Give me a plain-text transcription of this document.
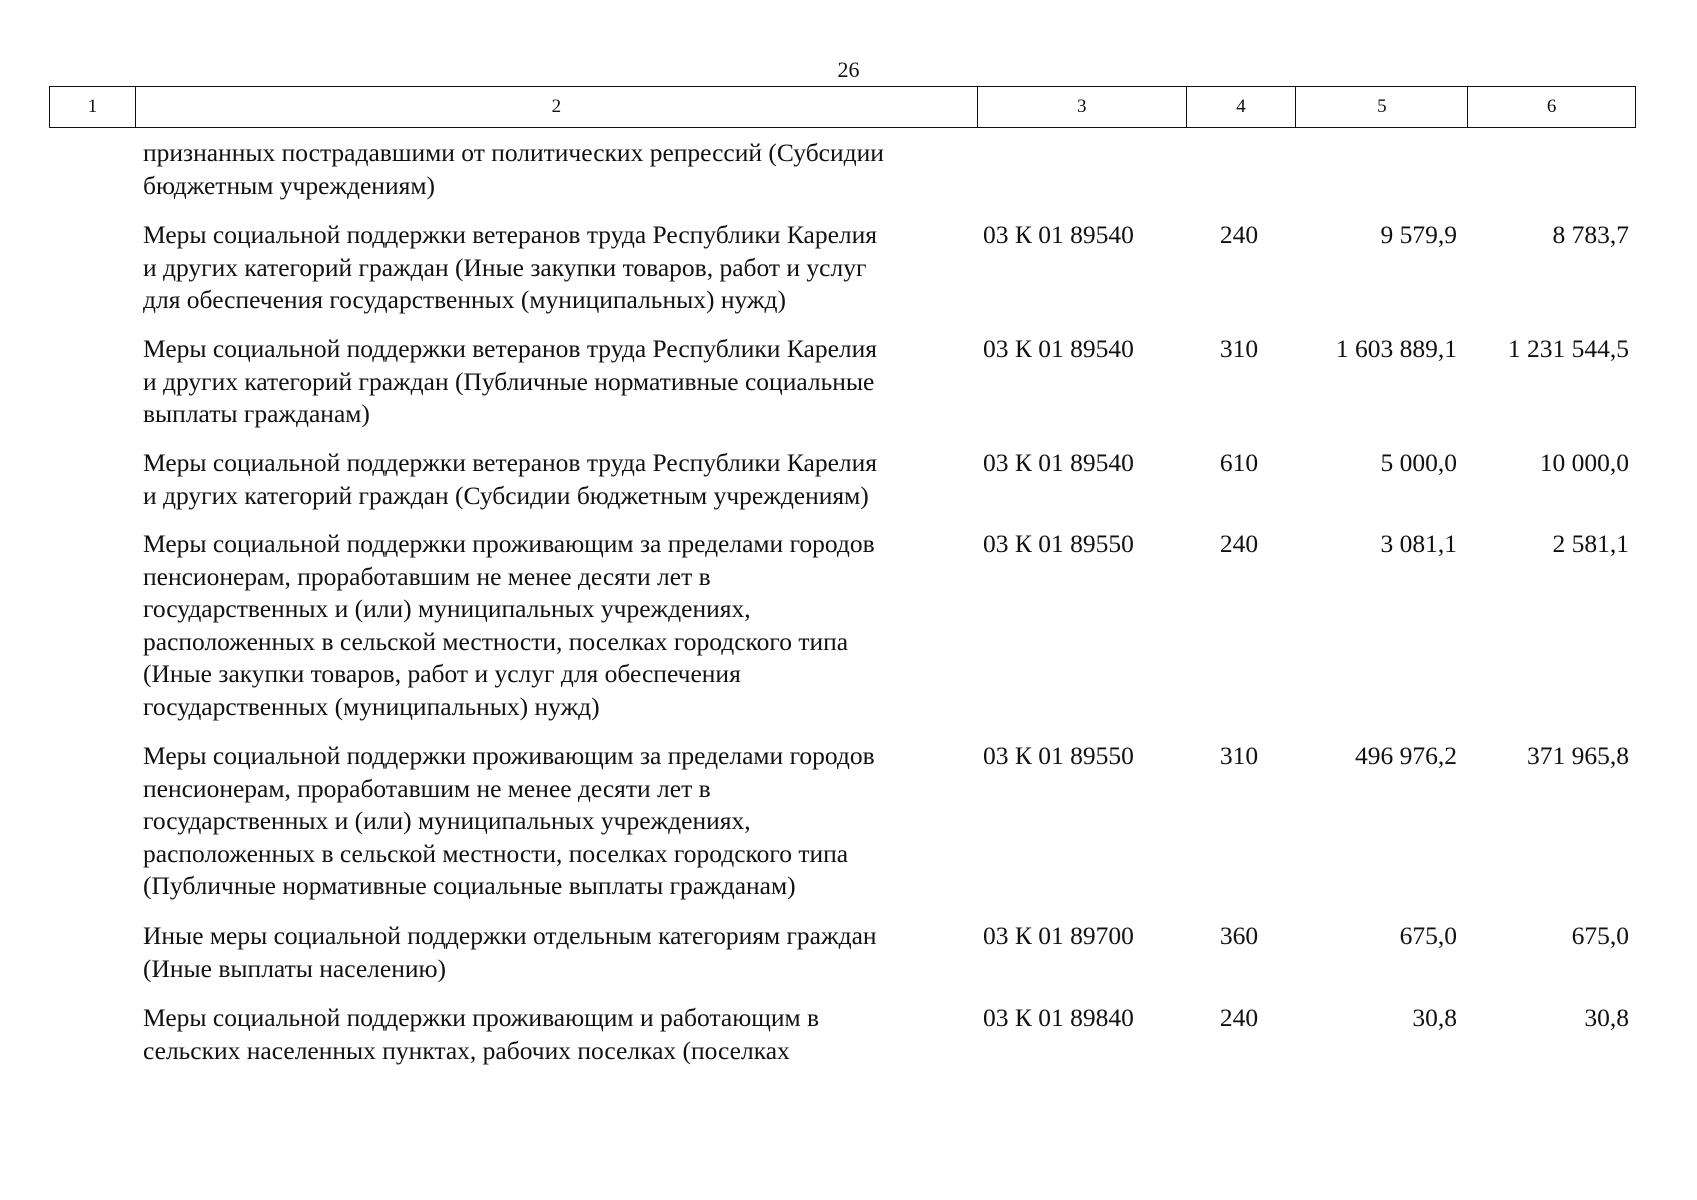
26
1	2	3	4	5	6
признанных пострадавшими от политических репрессий (Субсидии
бюджетным учреждениям)
Меры социальной поддержки ветеранов труда Республики Карелия
и других категорий граждан (Иные закупки товаров, работ и услуг
для обеспечения государственных (муниципальных) нужд)
03 К 01 89540	240	9 579,9	8 783,7
Меры социальной поддержки ветеранов труда Республики Карелия
и других категорий граждан (Публичные нормативные социальные
выплаты гражданам)
03 К 01 89540	310	1 603 889,1	1 231 544,5
Меры социальной поддержки ветеранов труда Республики Карелия
и других категорий граждан (Субсидии бюджетным учреждениям)
03 К 01 89540	610	5 000,0	10 000,0
Меры социальной поддержки проживающим за пределами городов
пенсионерам, проработавшим не менее десяти лет в
государственных и (или) муниципальных учреждениях,
расположенных в сельской местности, поселках городского типа
(Иные закупки товаров, работ и услуг для обеспечения
государственных (муниципальных) нужд)
03 К 01 89550	240	3 081,1	2 581,1
Меры социальной поддержки проживающим за пределами городов
пенсионерам, проработавшим не менее десяти лет в
государственных и (или) муниципальных учреждениях,
расположенных в сельской местности, поселках городского типа
(Публичные нормативные социальные выплаты гражданам)
03 К 01 89550	310	496 976,2	371 965,8
Иные меры социальной поддержки отдельным категориям граждан
(Иные выплаты населению)
03 К 01 89700	360	675,0	675,0
Меры социальной поддержки проживающим и работающим в
сельских населенных пунктах, рабочих поселках (поселках
03 К 01 89840	240	30,8	30,8
